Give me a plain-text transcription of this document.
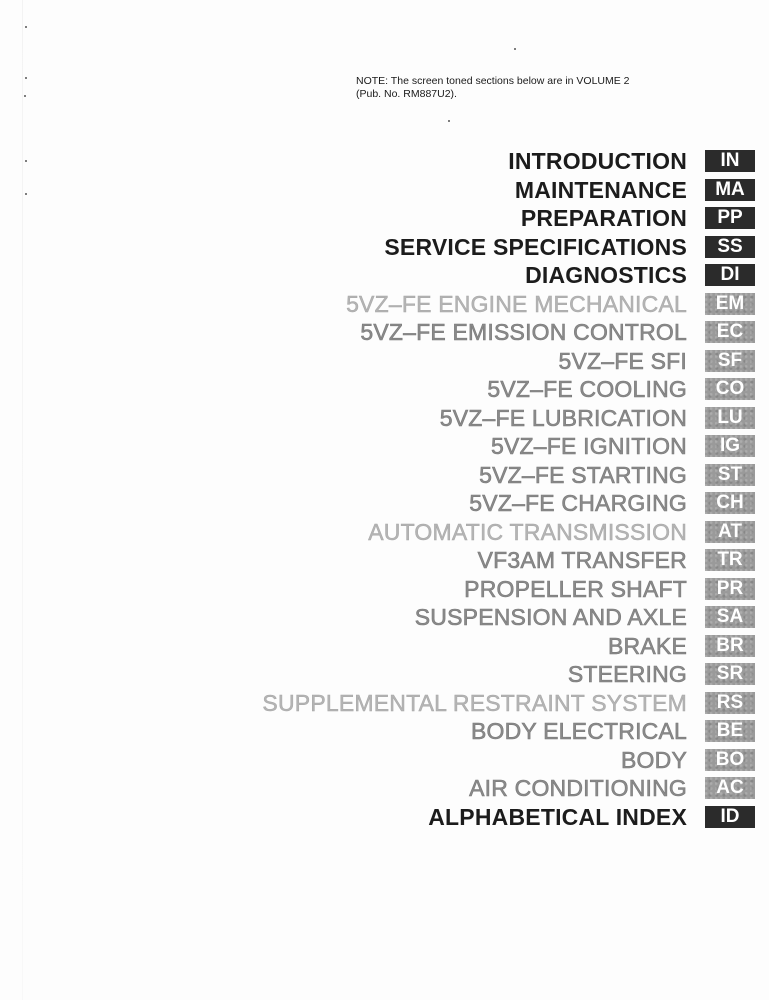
NOTE: The screen toned sections below are in VOLUME 2
(Pub. No. RM887U2).
INTRODUCTION	IN
MAINTENANCE	MA
PREPARATION	PP
SERVICE SPECIFICATIONS	SS
DIAGNOSTICS	DI
5VZ–FE ENGINE MECHANICAL	EM
5VZ–FE EMISSION CONTROL	EC
5VZ–FE SFI	SF
5VZ–FE COOLING	CO
5VZ–FE LUBRICATION	LU
5VZ–FE IGNITION	IG
5VZ–FE STARTING	ST
5VZ–FE CHARGING	CH
AUTOMATIC TRANSMISSION	AT
VF3AM TRANSFER	TR
PROPELLER SHAFT	PR
SUSPENSION AND AXLE	SA
BRAKE	BR
STEERING	SR
SUPPLEMENTAL RESTRAINT SYSTEM	RS
BODY ELECTRICAL	BE
BODY	BO
AIR CONDITIONING	AC
ALPHABETICAL INDEX	ID
